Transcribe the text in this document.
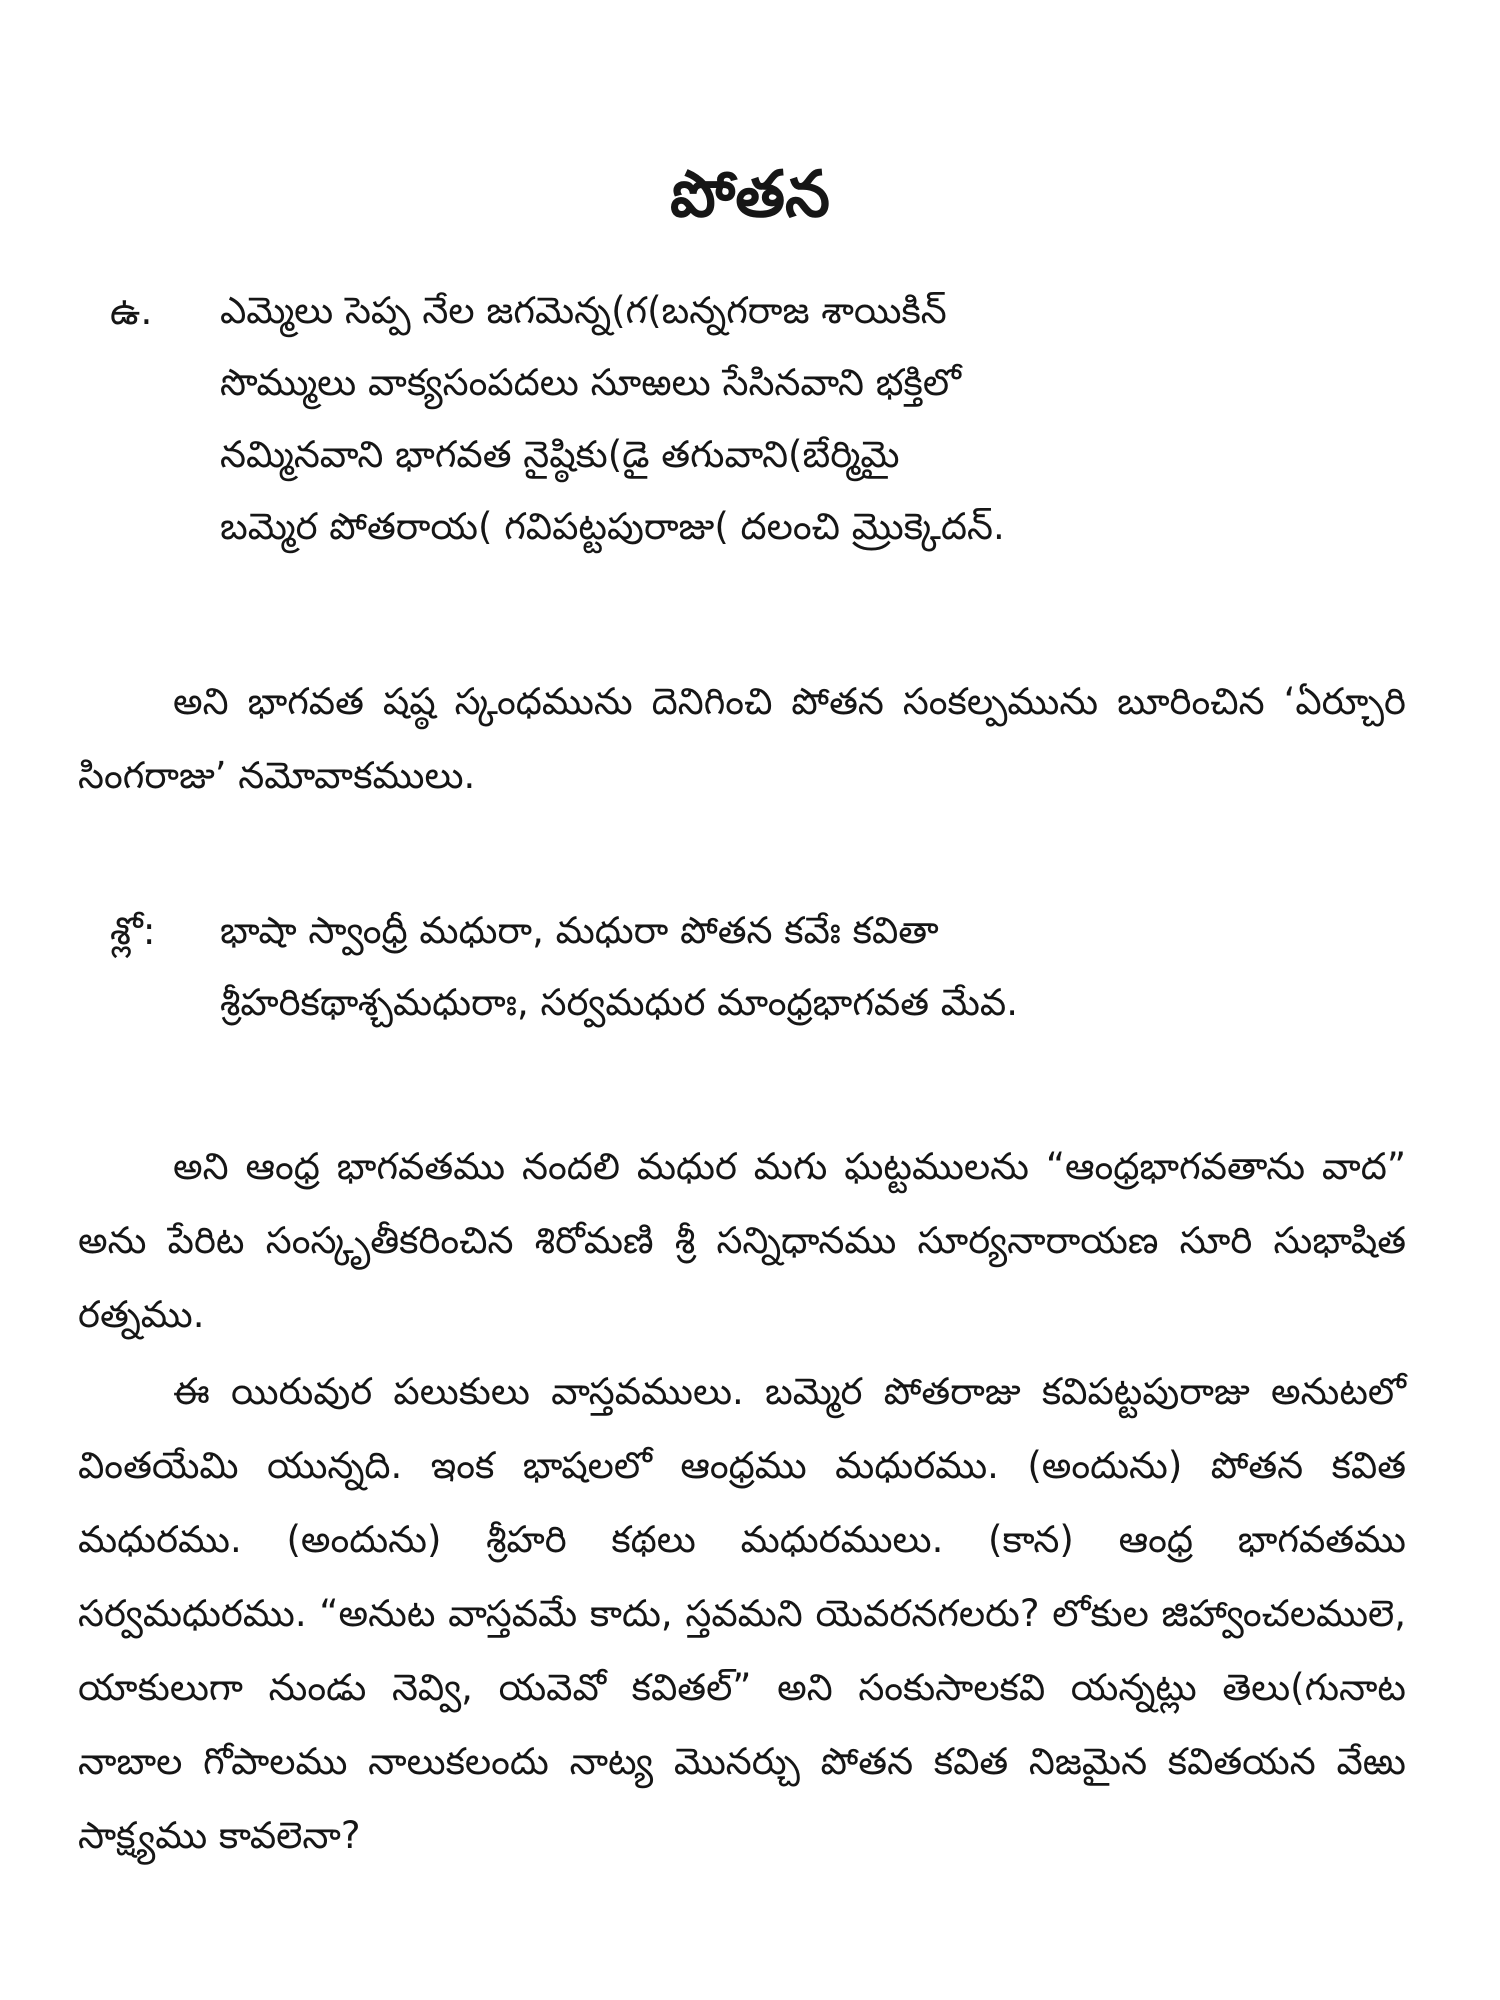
పోతన
ఉ. ఎమ్మెలు సెప్ప నేల జగమెన్న(గ(బన్నగరాజ శాయికిన్
సొమ్ములు వాక్యసంపదలు సూఱలు సేసినవాని భక్తిలో
నమ్మినవాని భాగవత నైష్ఠికు(డై తగువాని(బేర్మిమై
బమ్మెర పోతరాయ( గవిపట్టపురాజు( దలంచి మ్రొక్కెదన్.
అని భాగవత షష్ఠ స్కంధమును దెనిగించి పోతన సంకల్పమును బూరించిన ‘ఏర్చూరి సింగరాజు’ నమోవాకములు.
శ్లో: భాషా స్వాంధ్రీ మధురా, మధురా పోతన కవేః కవితా
శ్రీహరికథాశ్చమధురాః, సర్వమధుర మాంధ్రభాగవత మేవ.
అని ఆంధ్ర భాగవతము నందలి మధుర మగు ఘట్టములను “ఆంధ్రభాగవతాను వాద” అను పేరిట సంస్కృతీకరించిన శిరోమణి శ్రీ సన్నిధానము సూర్యనారాయణ సూరి సుభాషిత రత్నము.
ఈ యిరువుర పలుకులు వాస్తవములు. బమ్మెర పోతరాజు కవిపట్టపురాజు అనుటలో వింతయేమి యున్నది. ఇంక భాషలలో ఆంధ్రము మధురము. (అందును) పోతన కవిత మధురము. (అందును) శ్రీహరి కథలు మధురములు. (కాన) ఆంధ్ర భాగవతము సర్వమధురము. “అనుట వాస్తవమే కాదు, స్తవమని యెవరనగలరు? లోకుల జిహ్వాంచలములె, యాకులుగా నుండు నెవ్వి, యవెవో కవితల్” అని సంకుసాలకవి యన్నట్లు తెలు(గునాట నాబాల గోపాలము నాలుకలందు నాట్య మొనర్చు పోతన కవిత నిజమైన కవితయన వేఱు సాక్ష్యము కావలెనా?
